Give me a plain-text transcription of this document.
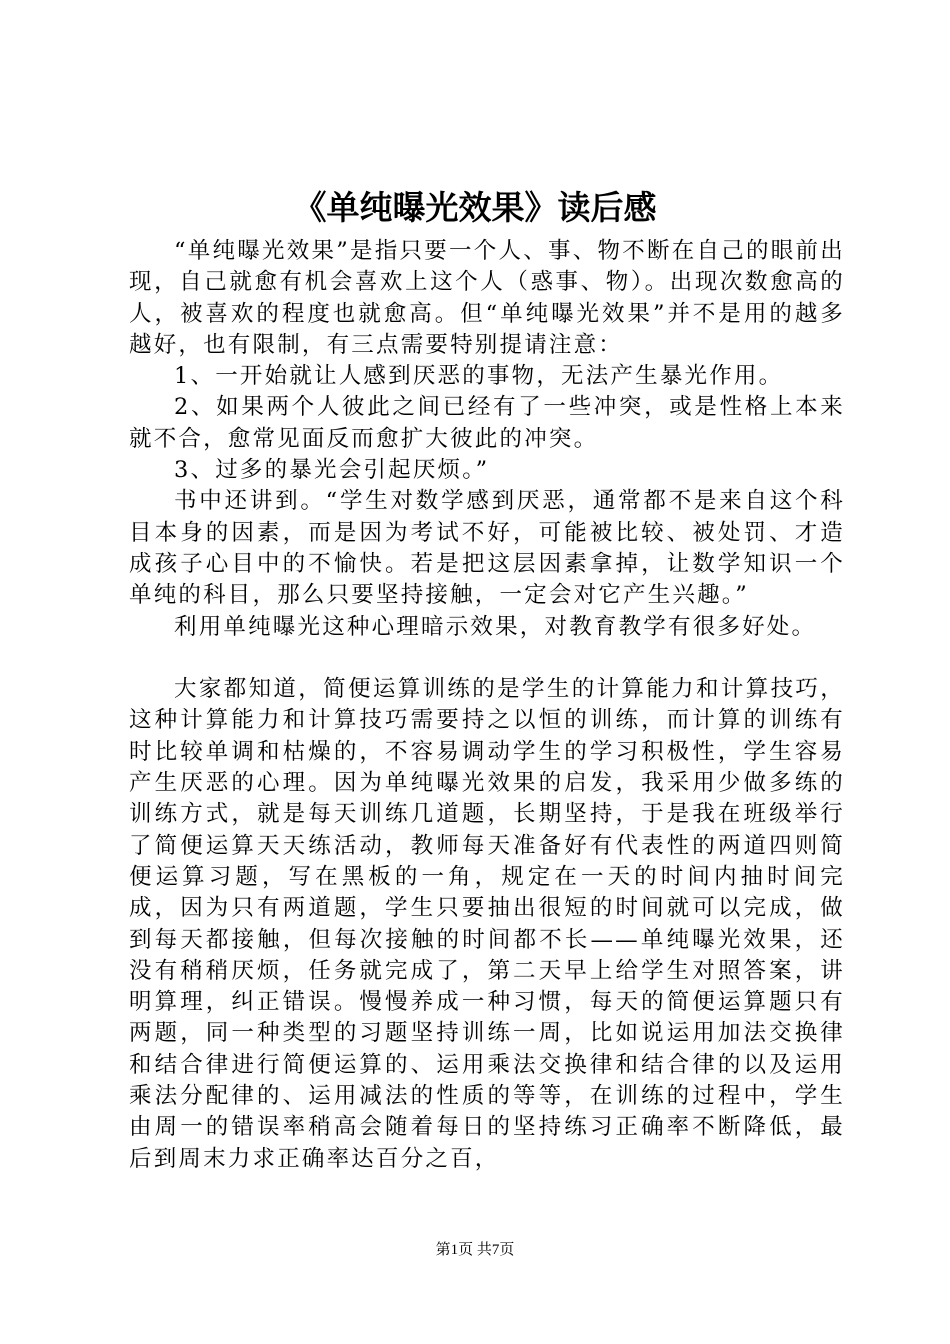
《单纯曝光效果》读后感

“单纯曝光效果”是指只要一个人、事、物不断在自己的眼前出现，自己就愈有机会喜欢上这个人（惑事、物）。出现次数愈高的人，被喜欢的程度也就愈高。但“单纯曝光效果”并不是用的越多越好，也有限制，有三点需要特别提请注意：

1、一开始就让人感到厌恶的事物，无法产生暴光作用。

2、如果两个人彼此之间已经有了一些冲突，或是性格上本来就不合，愈常见面反而愈扩大彼此的冲突。

3、过多的暴光会引起厌烦。”

书中还讲到。“学生对数学感到厌恶，通常都不是来自这个科目本身的因素，而是因为考试不好，可能被比较、被处罚、才造成孩子心目中的不愉快。若是把这层因素拿掉，让数学知识一个单纯的科目，那么只要坚持接触，一定会对它产生兴趣。”

利用单纯曝光这种心理暗示效果，对教育教学有很多好处。

大家都知道，简便运算训练的是学生的计算能力和计算技巧，这种计算能力和计算技巧需要持之以恒的训练，而计算的训练有时比较单调和枯燥的，不容易调动学生的学习积极性，学生容易产生厌恶的心理。因为单纯曝光效果的启发，我采用少做多练的训练方式，就是每天训练几道题，长期坚持，于是我在班级举行了简便运算天天练活动，教师每天准备好有代表性的两道四则简便运算习题，写在黑板的一角，规定在一天的时间内抽时间完成，因为只有两道题，学生只要抽出很短的时间就可以完成，做到每天都接触，但每次接触的时间都不长——单纯曝光效果，还没有稍稍厌烦，任务就完成了，第二天早上给学生对照答案，讲明算理，纠正错误。慢慢养成一种习惯，每天的简便运算题只有两题，同一种类型的习题坚持训练一周，比如说运用加法交换律和结合律进行简便运算的、运用乘法交换律和结合律的以及运用乘法分配律的、运用减法的性质的等等，在训练的过程中，学生由周一的错误率稍高会随着每日的坚持练习正确率不断降低，最后到周末力求正确率达百分之百，

第1页 共7页
